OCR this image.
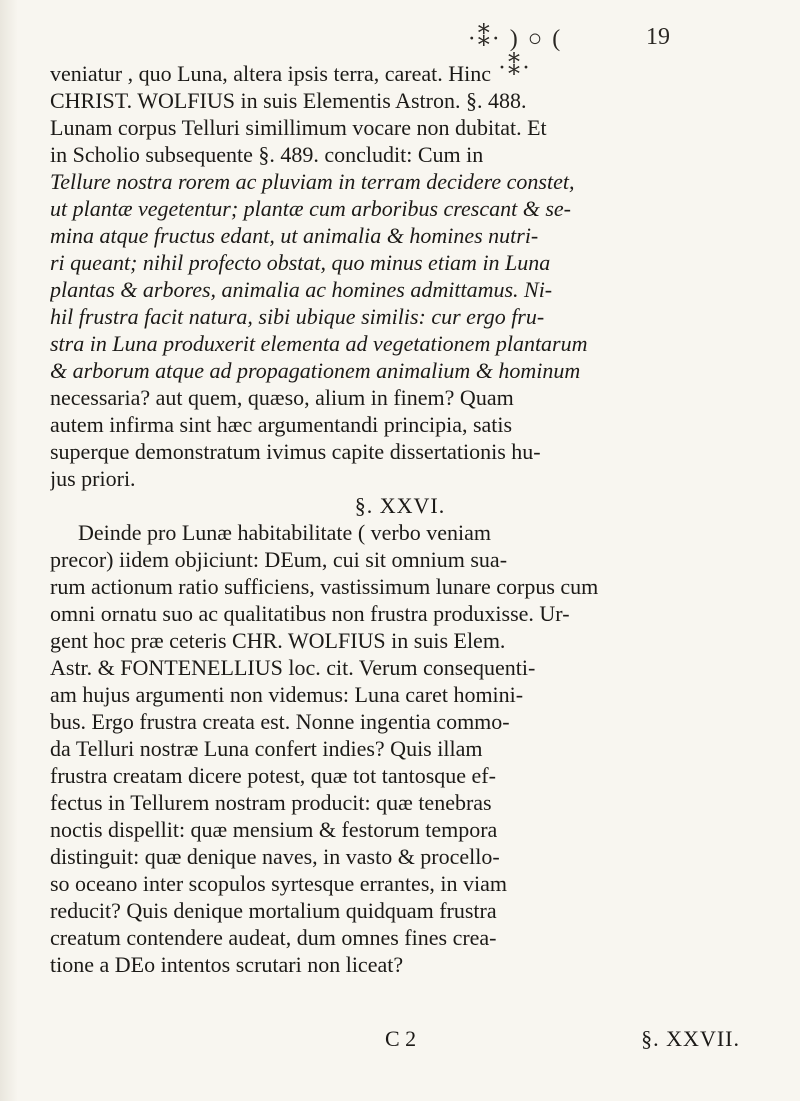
·⁑· ) ○ ( ·⁑·
19
veniatur , quo Luna, altera ipsis terra, careat. Hinc
CHRIST. WOLFIUS in suis Elementis Astron. §. 488.
Lunam corpus Telluri simillimum vocare non dubitat. Et
in Scholio subsequente §. 489. concludit: Cum in
Tellure nostra rorem ac pluviam in terram decidere constet,
ut plantæ vegetentur; plantæ cum arboribus crescant & se-
mina atque fructus edant, ut animalia & homines nutri-
ri queant; nihil profecto obstat, quo minus etiam in Luna
plantas & arbores, animalia ac homines admittamus. Ni-
hil frustra facit natura, sibi ubique similis: cur ergo fru-
stra in Luna produxerit elementa ad vegetationem plantarum
& arborum atque ad propagationem animalium & hominum
necessaria? aut quem, quæso, alium in finem? Quam
autem infirma sint hæc argumentandi principia, satis
superque demonstratum ivimus capite dissertationis hu-
jus priori.
§. XXVI.
Deinde pro Lunæ habitabilitate ( verbo veniam
precor) iidem objiciunt: DEum, cui sit omnium sua-
rum actionum ratio sufficiens, vastissimum lunare corpus cum
omni ornatu suo ac qualitatibus non frustra produxisse. Ur-
gent hoc præ ceteris CHR. WOLFIUS in suis Elem.
Astr. & FONTENELLIUS loc. cit. Verum consequenti-
am hujus argumenti non videmus: Luna caret homini-
bus. Ergo frustra creata est. Nonne ingentia commo-
da Telluri nostræ Luna confert indies? Quis illam
frustra creatam dicere potest, quæ tot tantosque ef-
fectus in Tellurem nostram producit: quæ tenebras
noctis dispellit: quæ mensium & festorum tempora
distinguit: quæ denique naves, in vasto & procello-
so oceano inter scopulos syrtesque errantes, in viam
reducit? Quis denique mortalium quidquam frustra
creatum contendere audeat, dum omnes fines crea-
tione a DEo intentos scrutari non liceat?
C 2	§. XXVII.
